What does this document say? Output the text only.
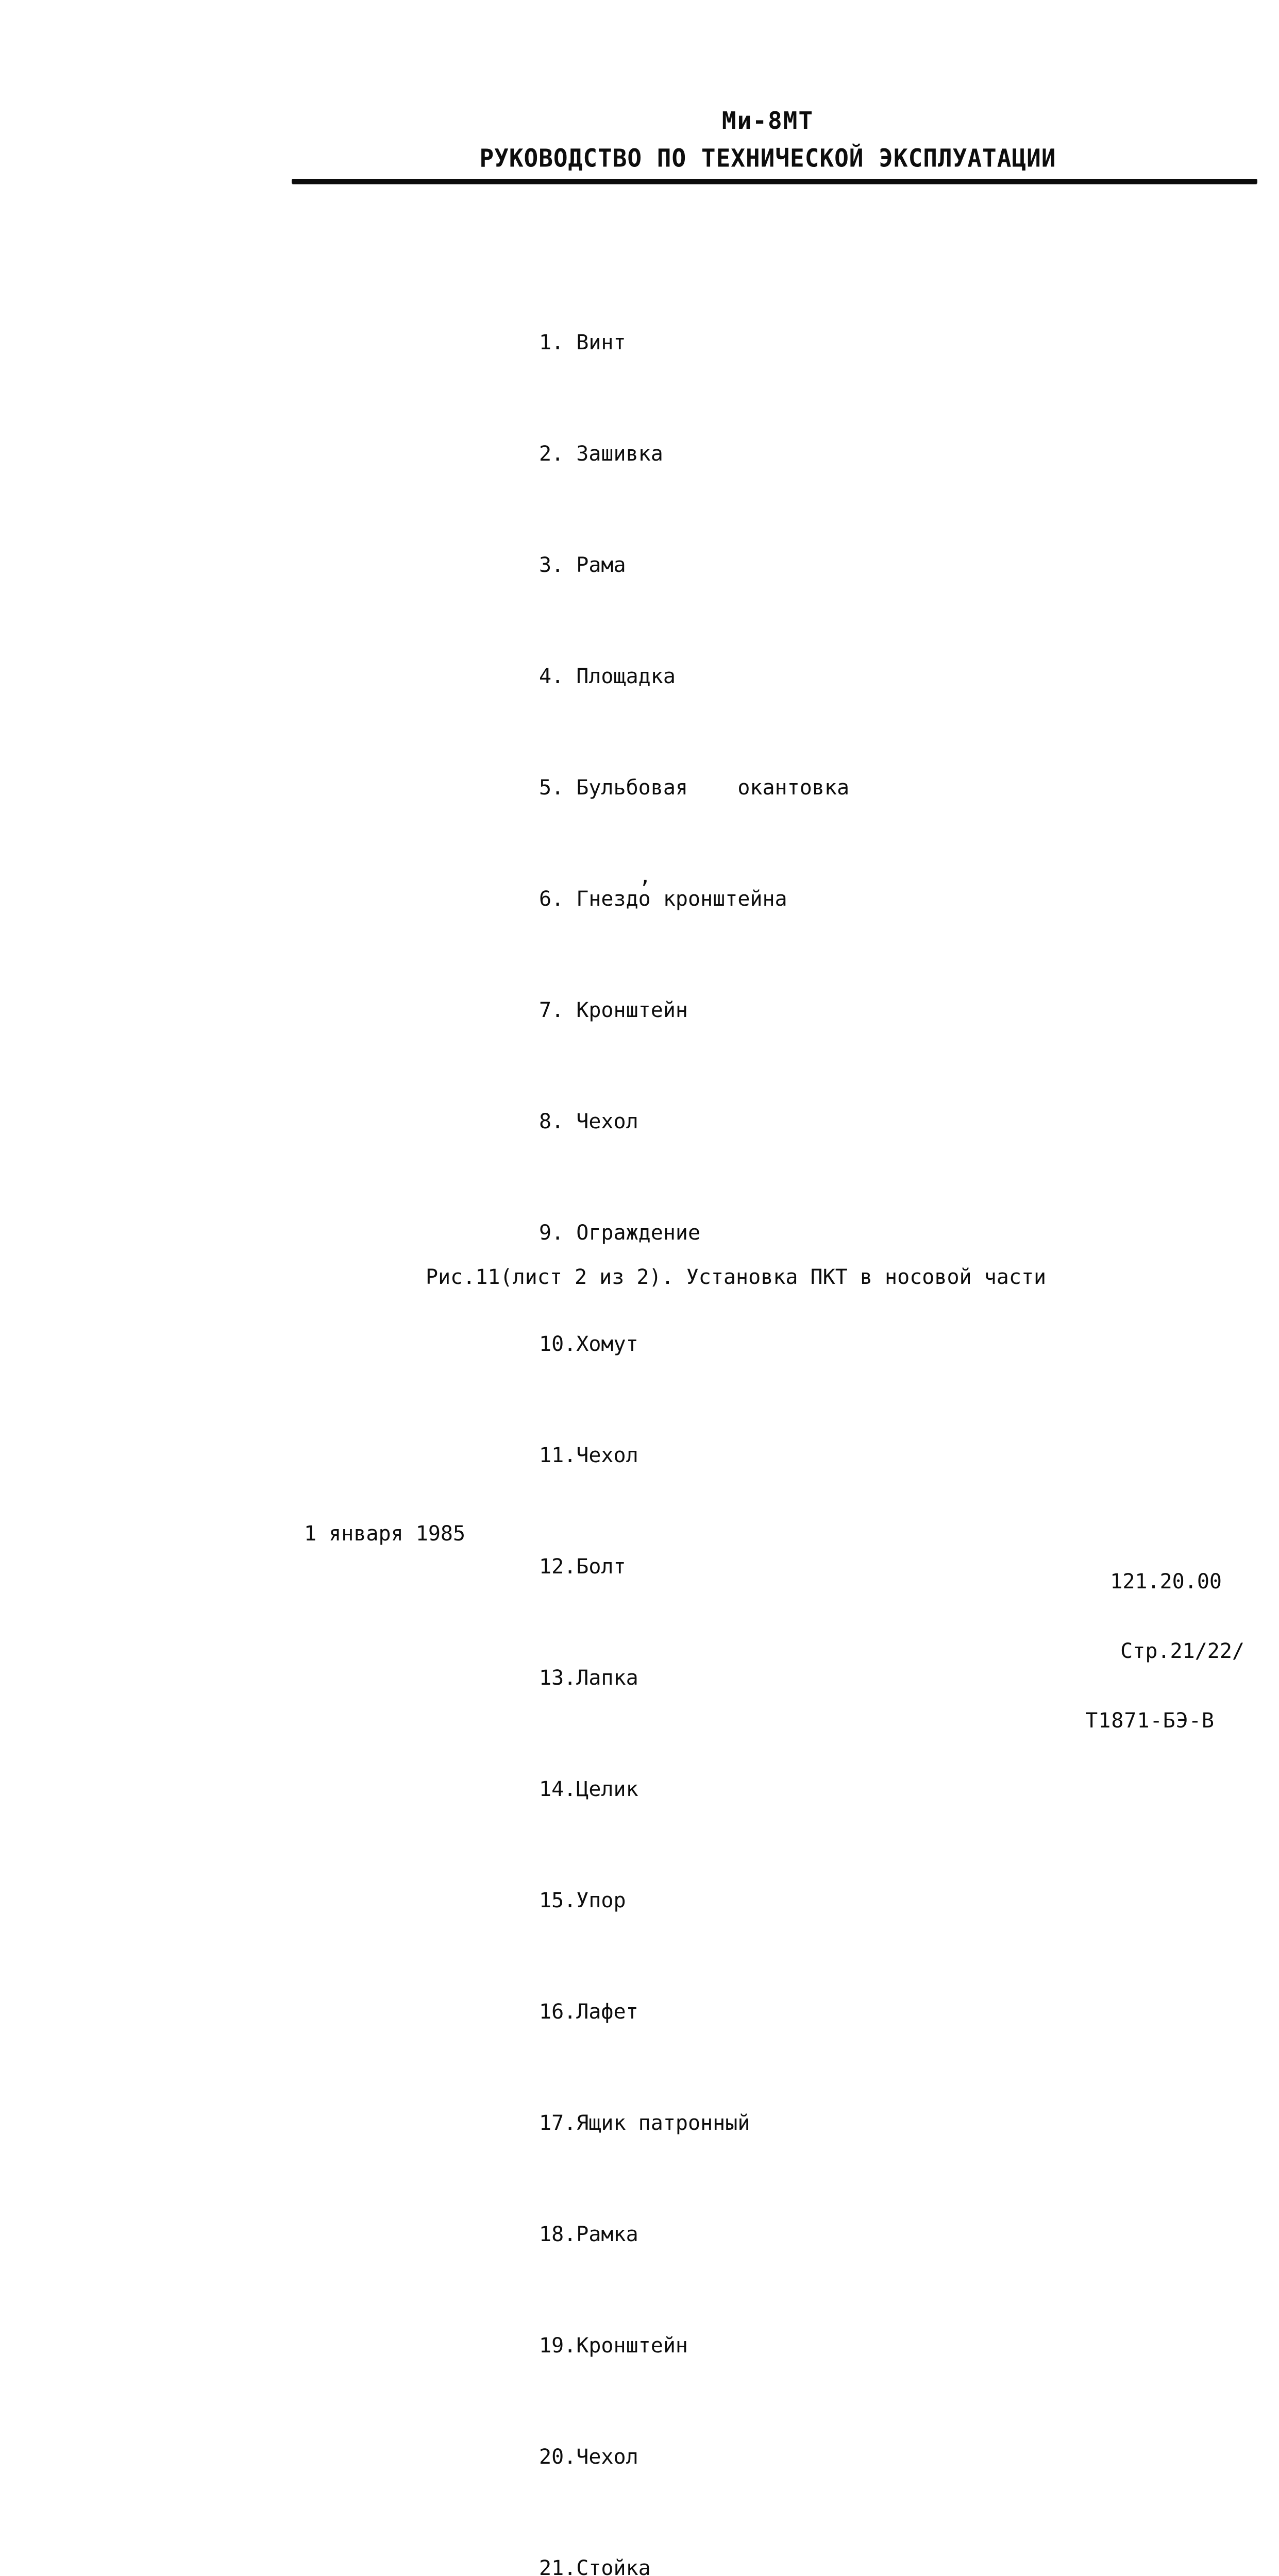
Ми-8МТ
РУКОВОДСТВО ПО ТЕХНИЧЕСКОЙ ЭКСПЛУАТАЦИИ

1. Винт

2. Зашивка

3. Рама

4. Площадка

5. Бульбовая    окантовка

6. Гнездо кронштейна

7. Кронштейн

8. Чехол

9. Ограждение

10.Хомут

11.Чехол

12.Болт

13.Лапка

14.Целик

15.Упор

16.Лафет

17.Ящик патронный

18.Рамка

19.Кронштейн

20.Чехол

21.Стойка

,
Рис.11(лист 2 из 2). Установка ПКТ в носовой части
1 января 1985

121.20.00

Стр.21/22/

Т1871-БЭ-В
